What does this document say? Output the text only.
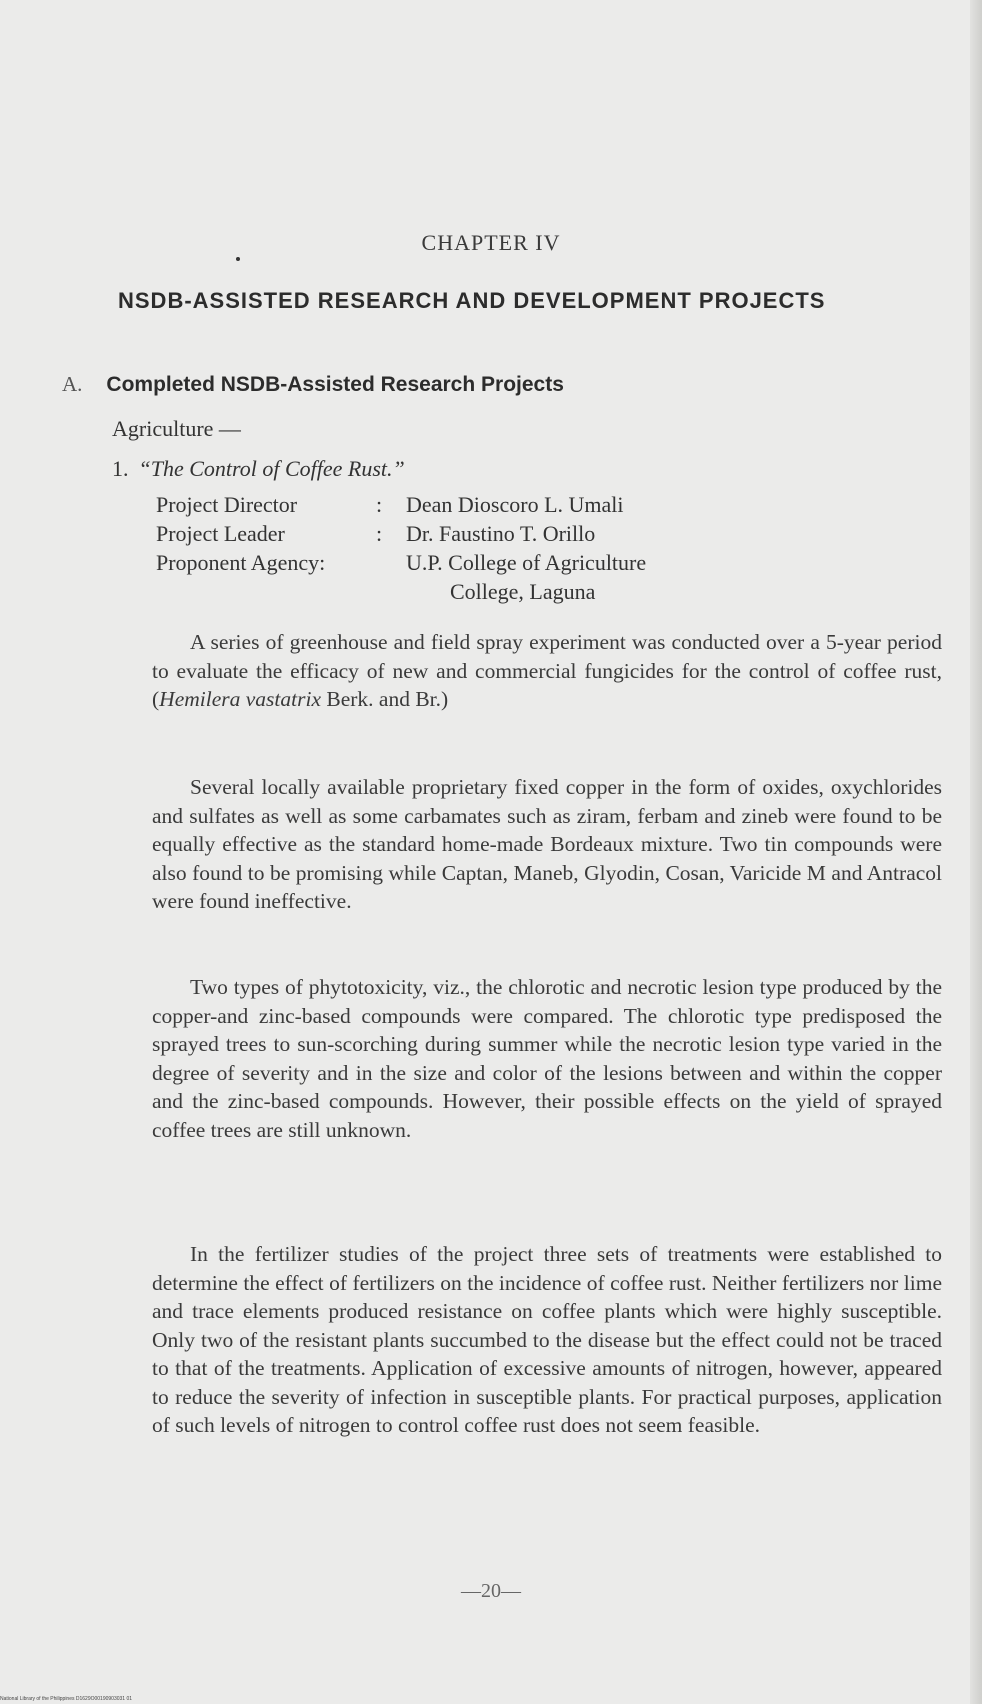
CHAPTER IV
NSDB-ASSISTED RESEARCH AND DEVELOPMENT PROJECTS
A. Completed NSDB-Assisted Research Projects
Agriculture —
1. “The Control of Coffee Rust.”
Project Director	:	Dean Dioscoro L. Umali
Project Leader	:	Dr. Faustino T. Orillo
Proponent Agency:		U.P. College of Agriculture
		College, Laguna

A series of greenhouse and field spray experiment was conducted over a 5-year period to evaluate the efficacy of new and commercial fungicides for the control of coffee rust, (Hemilera vastatrix Berk. and Br.)

Several locally available proprietary fixed copper in the form of oxides, oxychlorides and sulfates as well as some carbamates such as ziram, ferbam and zineb were found to be equally effective as the standard home-made Bordeaux mixture. Two tin compounds were also found to be promising while Captan, Maneb, Glyodin, Cosan, Varicide M and Antracol were found ineffective.

Two types of phytotoxicity, viz., the chlorotic and necrotic lesion type produced by the copper-and zinc-based compounds were compared. The chlorotic type predisposed the sprayed trees to sun-scorching during summer while the necrotic lesion type varied in the degree of severity and in the size and color of the lesions between and within the copper and the zinc-based compounds. However, their possible effects on the yield of sprayed coffee trees are still unknown.

In the fertilizer studies of the project three sets of treatments were established to determine the effect of fertilizers on the incidence of coffee rust. Neither fertilizers nor lime and trace elements produced resistance on coffee plants which were highly susceptible. Only two of the resistant plants succumbed to the disease but the effect could not be traced to that of the treatments. Application of excessive amounts of nitrogen, however, appeared to reduce the severity of infection in susceptible plants. For practical purposes, application of such levels of nitrogen to control coffee rust does not seem feasible.

—20—
National Library of the Philippines D1629O00190903031 01
